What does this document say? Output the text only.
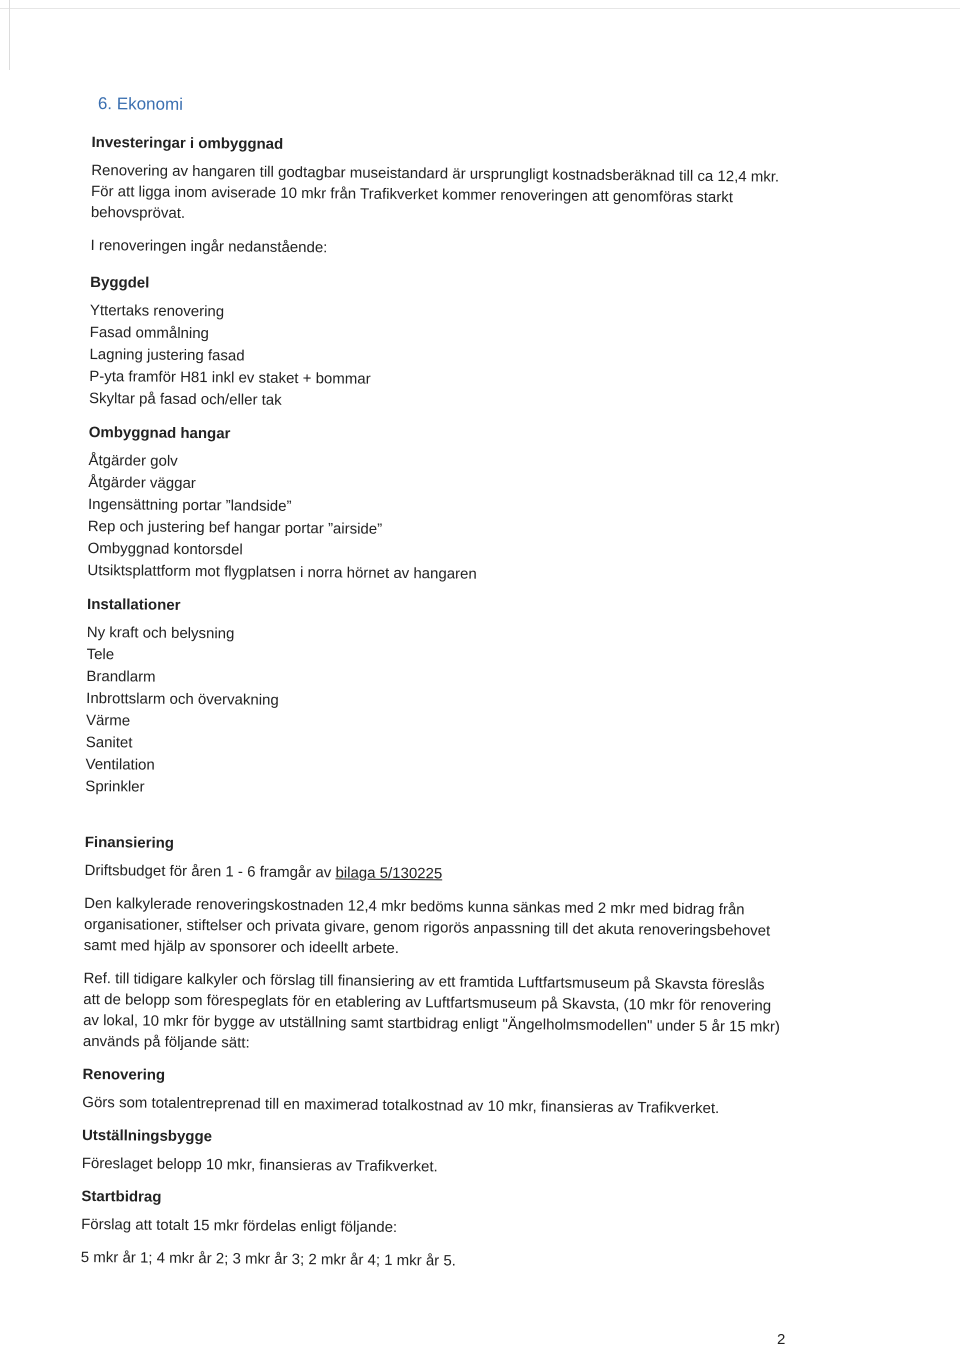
6. Ekonomi
Investeringar i ombyggnad
Renovering av hangaren till godtagbar museistandard är ursprungligt kostnadsberäknad till ca 12,4 mkr. För att ligga inom aviserade 10 mkr från Trafikverket kommer renoveringen att genomföras starkt behovsprövat.
I renoveringen ingår nedanstående:
Byggdel
Yttertaks renovering
Fasad ommålning
Lagning justering fasad
P-yta framför H81 inkl ev staket + bommar
Skyltar på fasad och/eller tak
Ombyggnad hangar
Åtgärder golv
Åtgärder väggar
Ingensättning portar ”landside”
Rep och justering bef hangar portar ”airside”
Ombyggnad kontorsdel
Utsiktsplattform mot flygplatsen i norra hörnet av hangaren
Installationer
Ny kraft och belysning
Tele
Brandlarm
Inbrottslarm och övervakning
Värme
Sanitet
Ventilation
Sprinkler
Finansiering
Driftsbudget för åren 1 - 6 framgår av bilaga 5/130225
Den kalkylerade renoveringskostnaden 12,4 mkr bedöms kunna sänkas med 2 mkr med bidrag från organisationer, stiftelser och privata givare, genom rigorös anpassning till det akuta renoveringsbehovet samt med hjälp av sponsorer och ideellt arbete.
Ref. till tidigare kalkyler och förslag till finansiering av ett framtida Luftfartsmuseum på Skavsta föreslås att de belopp som förespeglats för en etablering av Luftfartsmuseum på Skavsta, (10 mkr för renovering av lokal, 10 mkr för bygge av utställning samt startbidrag enligt "Ängelholmsmodellen" under 5 år 15 mkr) används på följande sätt:
Renovering
Görs som totalentreprenad till en maximerad totalkostnad av 10 mkr, finansieras av Trafikverket.
Utställningsbygge
Föreslaget belopp 10 mkr, finansieras av Trafikverket.
Startbidrag
Förslag att totalt 15 mkr fördelas enligt följande:
5 mkr år 1; 4 mkr år 2; 3 mkr år 3; 2 mkr år 4; 1 mkr år 5.
2
